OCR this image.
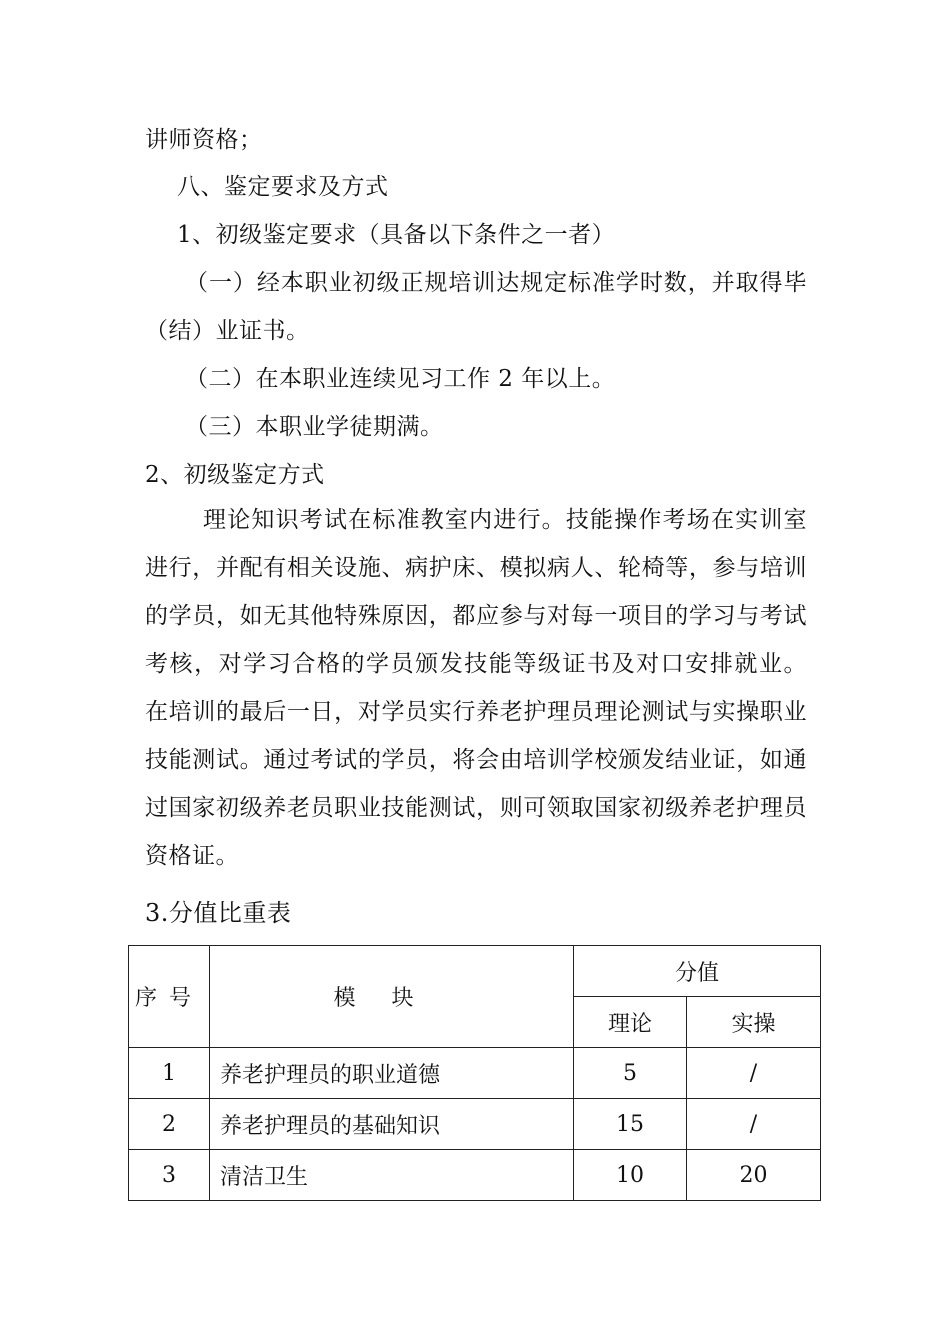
讲师资格；
八、鉴定要求及方式
1、初级鉴定要求（具备以下条件之一者）
（一）经本职业初级正规培训达规定标准学时数，并取得毕
（结）业证书。
（二）在本职业连续见习工作 2 年以上。
（三）本职业学徒期满。
2、初级鉴定方式
理论知识考试在标准教室内进行。技能操作考场在实训室
进行，并配有相关设施、病护床、模拟病人、轮椅等，参与培训
的学员，如无其他特殊原因，都应参与对每一项目的学习与考试
考核，对学习合格的学员颁发技能等级证书及对口安排就业。
在培训的最后一日，对学员实行养老护理员理论测试与实操职业
技能测试。通过考试的学员，将会由培训学校颁发结业证，如通
过国家初级养老员职业技能测试，则可领取国家初级养老护理员
资格证。
3.分值比重表
序号	模块	分值	
		理论	实操
1	养老护理员的职业道德	5	/
2	养老护理员的基础知识	15	/
3	清洁卫生	10	20
